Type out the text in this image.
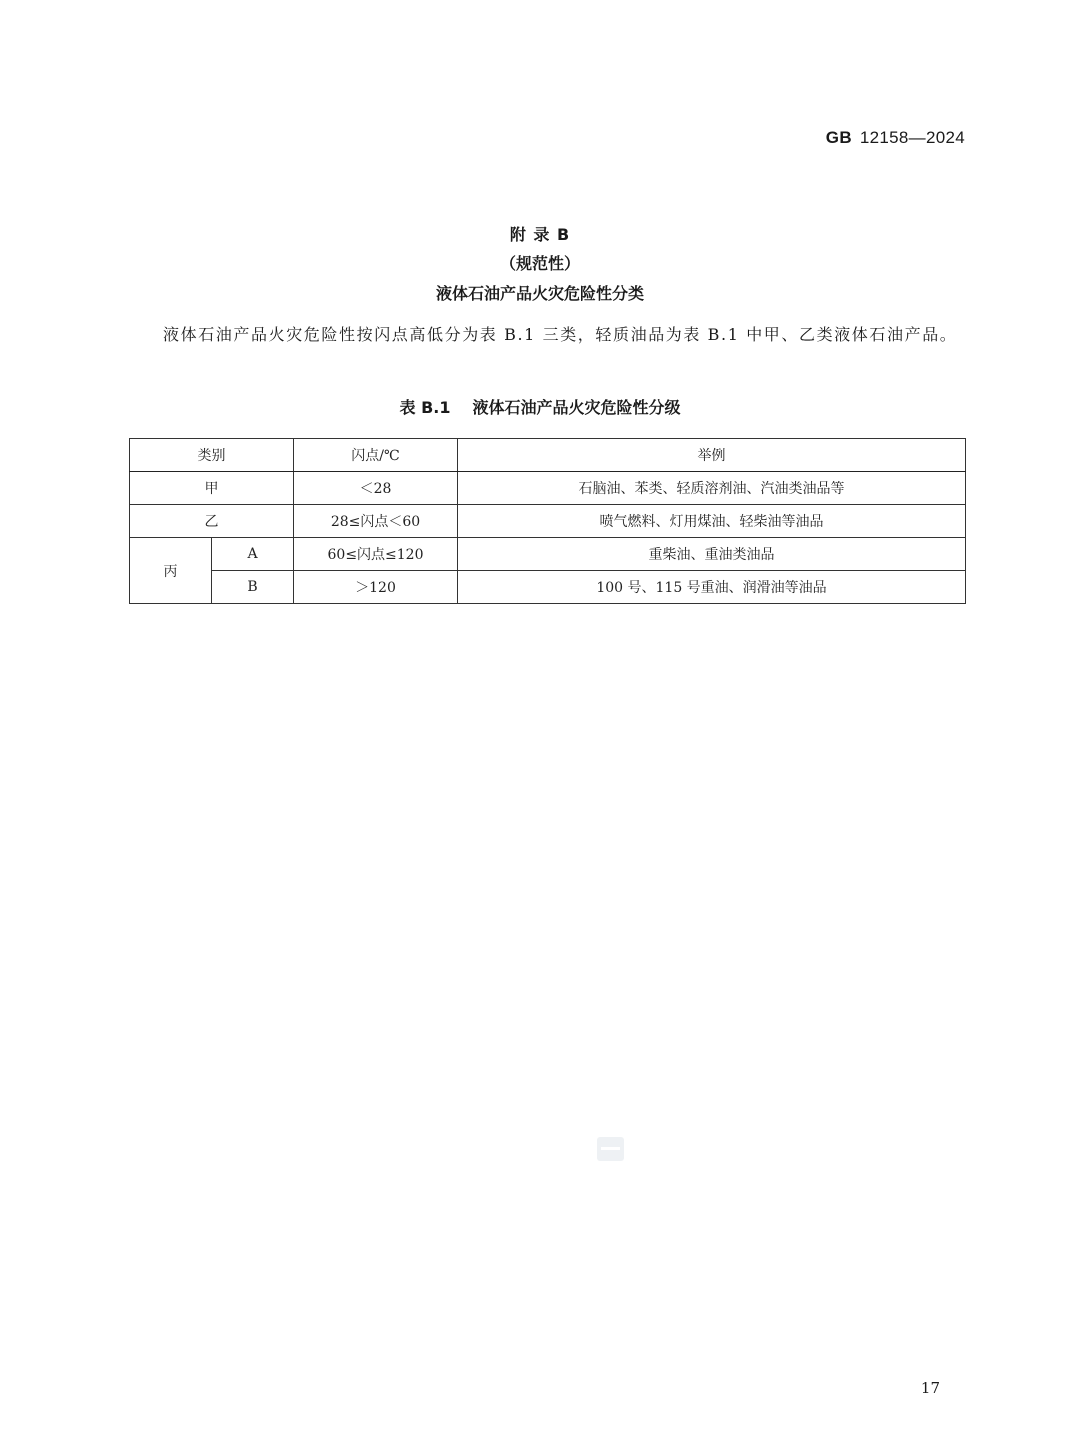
GB 12158—2024
附 录 B
（规范性）
液体石油产品火灾危险性分类
液体石油产品火灾危险性按闪点高低分为表 B.1 三类，轻质油品为表 B.1 中甲、乙类液体石油产品。
表 B.1 液体石油产品火灾危险性分级
类别		闪点/℃	举例
甲		＜28	石脑油、苯类、轻质溶剂油、汽油类油品等
乙		28≤闪点＜60	喷气燃料、灯用煤油、轻柴油等油品
丙	A	60≤闪点≤120	重柴油、重油类油品
	B	＞120	100 号、115 号重油、润滑油等油品
17
